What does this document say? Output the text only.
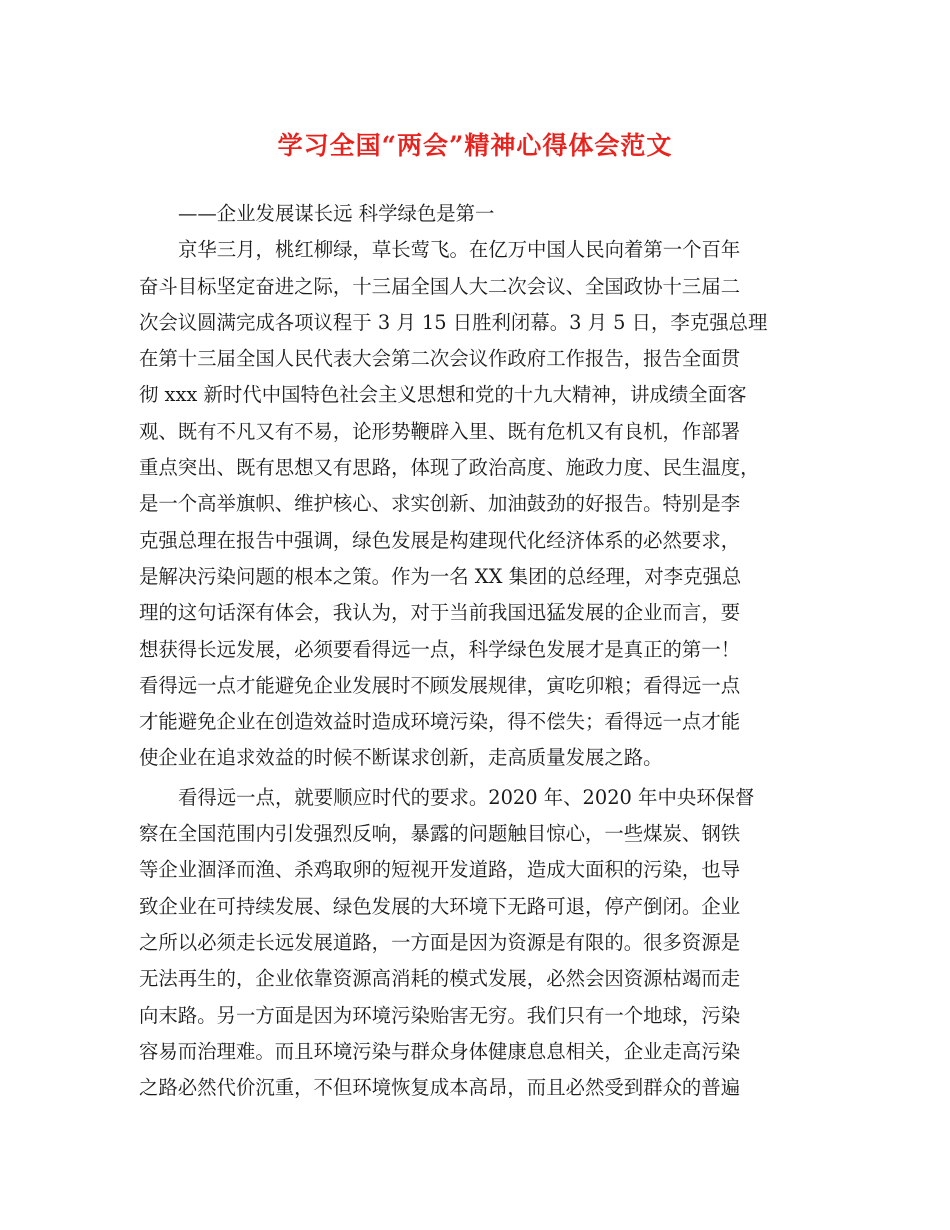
学习全国“两会”精神心得体会范文
——企业发展谋长远 科学绿色是第一
京华三月，桃红柳绿，草长莺飞。在亿万中国人民向着第一个百年
奋斗目标坚定奋进之际，十三届全国人大二次会议、全国政协十三届二
次会议圆满完成各项议程于 3 月 15 日胜利闭幕。3 月 5 日，李克强总理
在第十三届全国人民代表大会第二次会议作政府工作报告，报告全面贯
彻 xxx 新时代中国特色社会主义思想和党的十九大精神，讲成绩全面客
观、既有不凡又有不易，论形势鞭辟入里、既有危机又有良机，作部署
重点突出、既有思想又有思路，体现了政治高度、施政力度、民生温度，
是一个高举旗帜、维护核心、求实创新、加油鼓劲的好报告。特别是李
克强总理在报告中强调，绿色发展是构建现代化经济体系的必然要求，
是解决污染问题的根本之策。作为一名 XX 集团的总经理，对李克强总
理的这句话深有体会，我认为，对于当前我国迅猛发展的企业而言，要
想获得长远发展，必须要看得远一点，科学绿色发展才是真正的第一！
看得远一点才能避免企业发展时不顾发展规律，寅吃卯粮；看得远一点
才能避免企业在创造效益时造成环境污染，得不偿失；看得远一点才能
使企业在追求效益的时候不断谋求创新，走高质量发展之路。
看得远一点，就要顺应时代的要求。2020 年、2020 年中央环保督
察在全国范围内引发强烈反响，暴露的问题触目惊心，一些煤炭、钢铁
等企业涸泽而渔、杀鸡取卵的短视开发道路，造成大面积的污染，也导
致企业在可持续发展、绿色发展的大环境下无路可退，停产倒闭。企业
之所以必须走长远发展道路，一方面是因为资源是有限的。很多资源是
无法再生的，企业依靠资源高消耗的模式发展，必然会因资源枯竭而走
向末路。另一方面是因为环境污染贻害无穷。我们只有一个地球，污染
容易而治理难。而且环境污染与群众身体健康息息相关，企业走高污染
之路必然代价沉重，不但环境恢复成本高昂，而且必然受到群众的普遍
